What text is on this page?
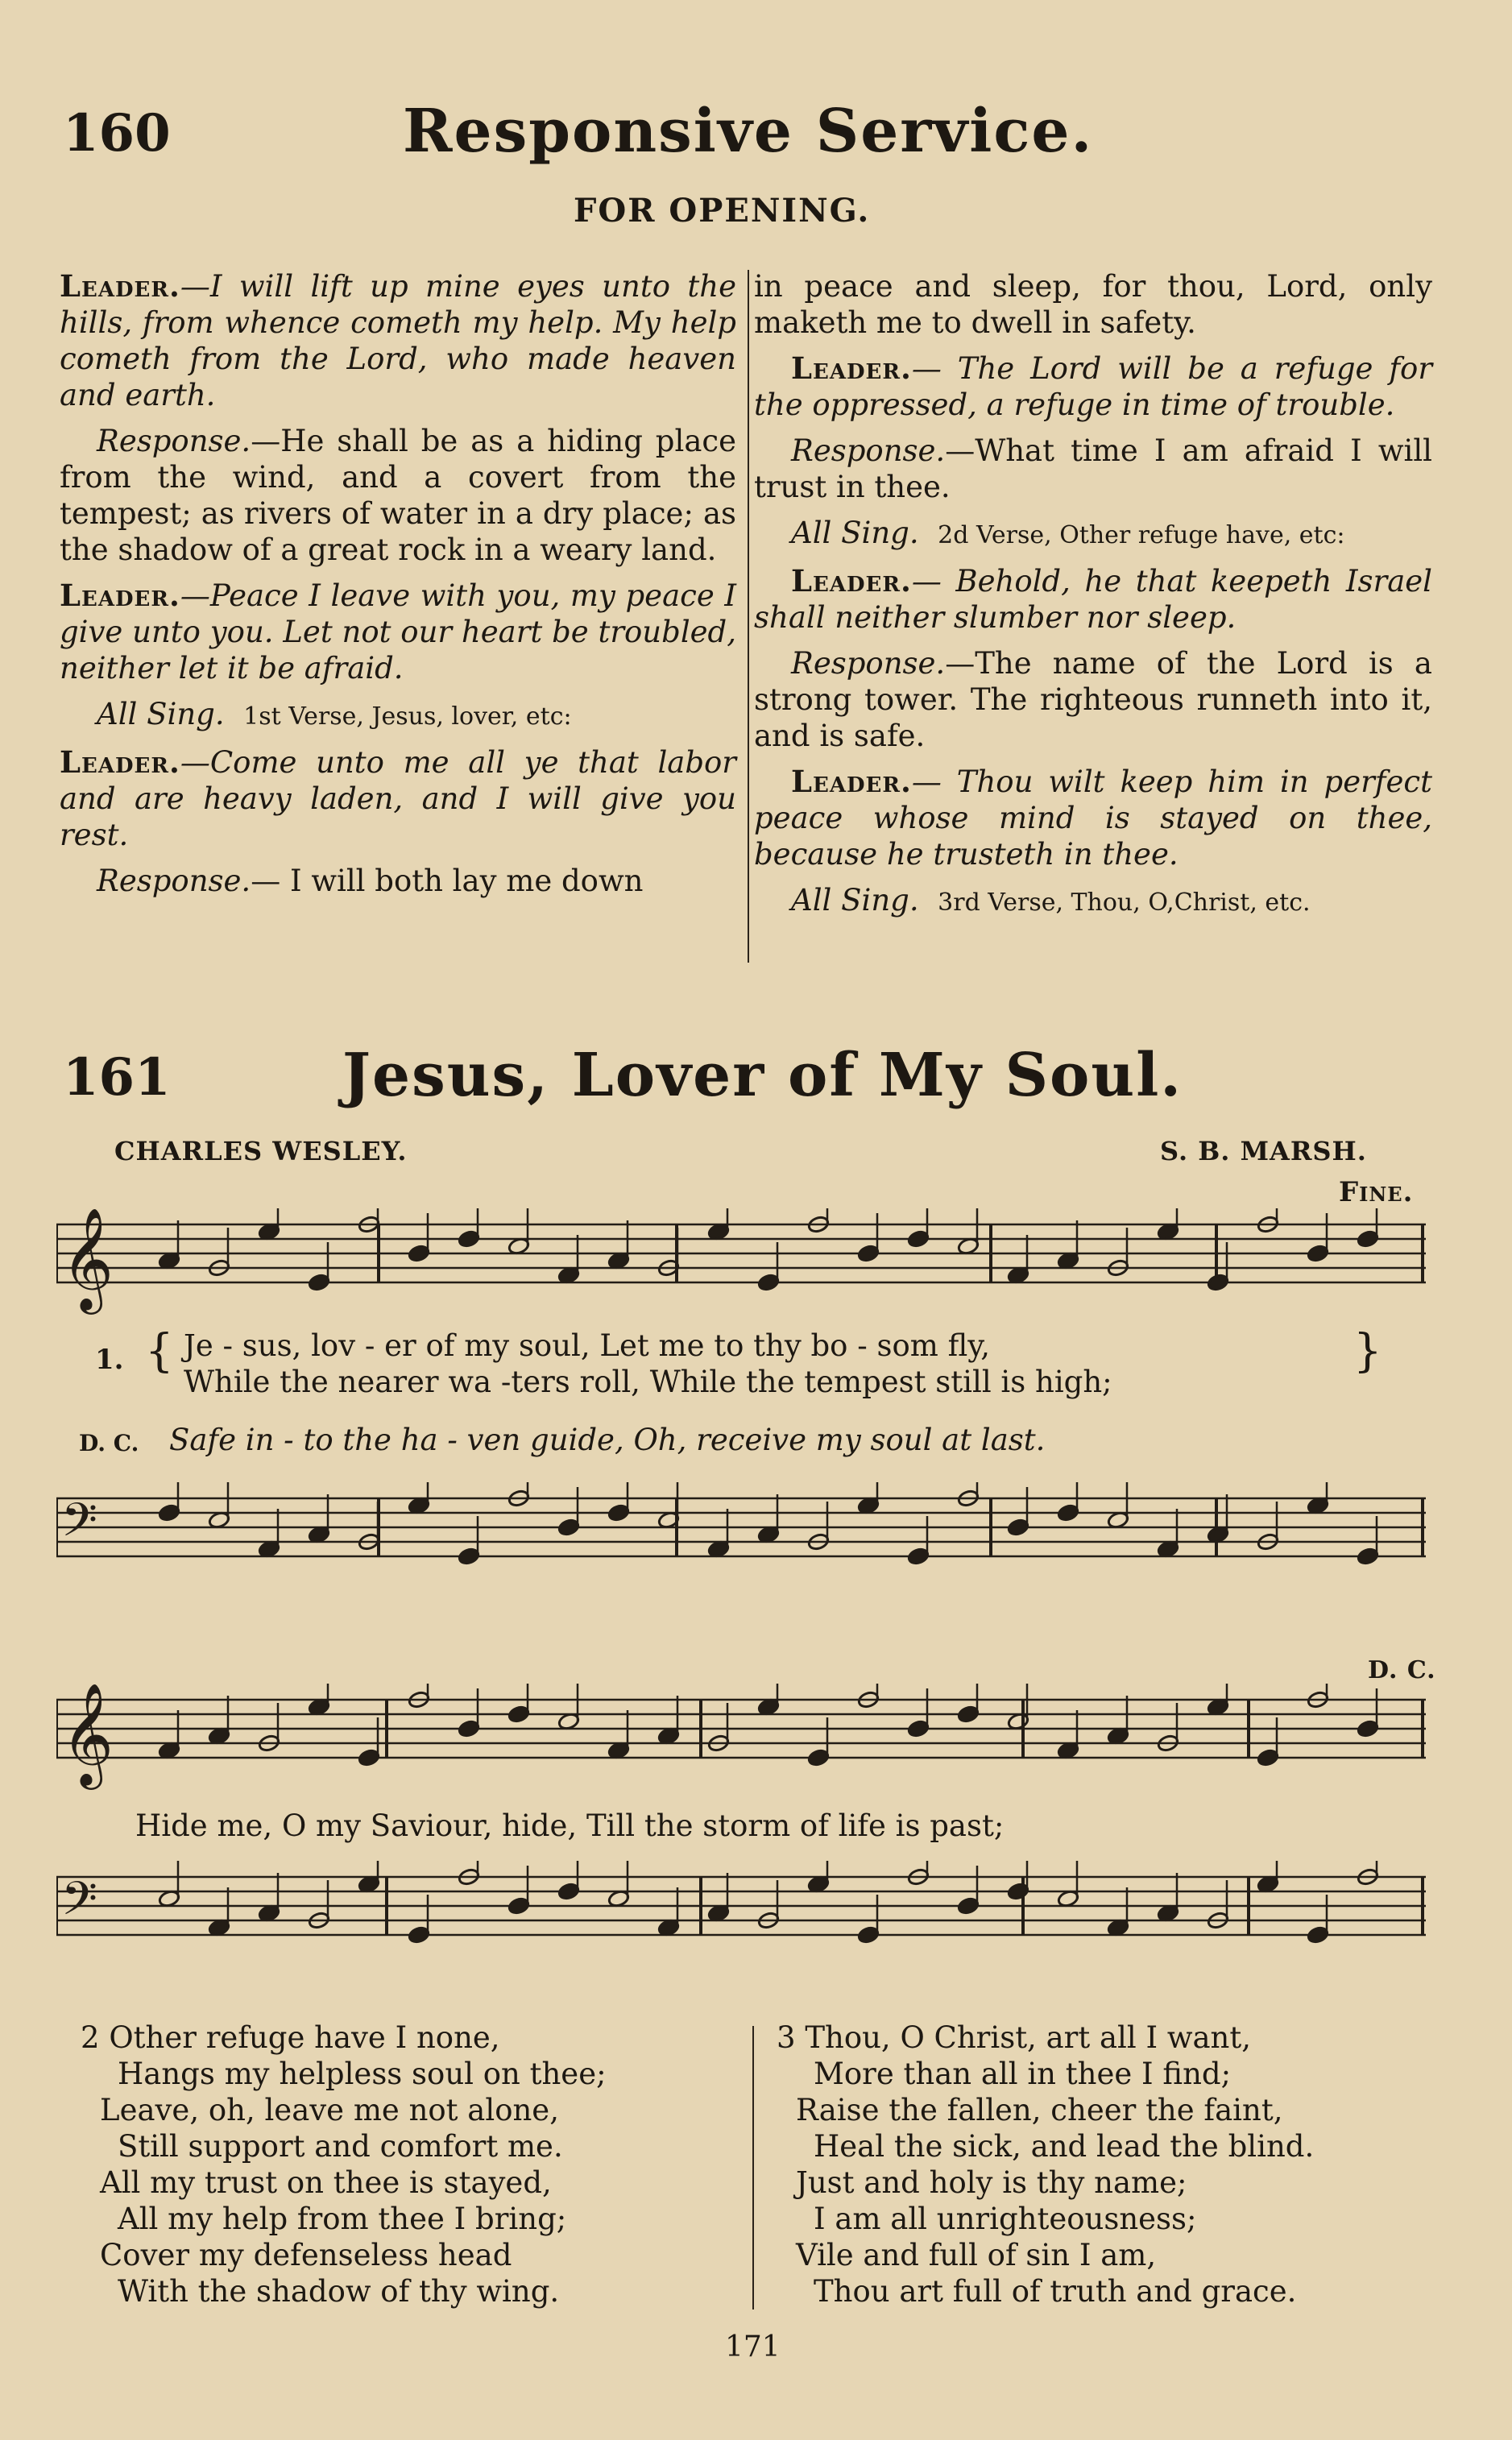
160	Responsive Service.
FOR OPENING.

Leader.—I will lift up mine eyes unto the hills, from whence cometh my help. My help cometh from the Lord, who made heaven and earth.

Response.—He shall be as a hiding place from the wind, and a covert from the tempest; as rivers of water in a dry place; as the shadow of a great rock in a weary land.

Leader.—Peace I leave with you, my peace I give unto you. Let not our heart be troubled, neither let it be afraid.

All Sing. 1st Verse, Jesus, lover, etc:

Leader.—Come unto me all ye that labor and are heavy laden, and I will give you rest.

Response.— I will both lay me down

in peace and sleep, for thou, Lord, only maketh me to dwell in safety.

Leader.— The Lord will be a refuge for the oppressed, a refuge in time of trouble.

Response.—What time I am afraid I will trust in thee.

All Sing. 2d Verse, Other refuge have, etc:

Leader.— Behold, he that keepeth Israel shall neither slumber nor sleep.

Response.—The name of the Lord is a strong tower. The righteous runneth into it, and is safe.

Leader.— Thou wilt keep him in perfect peace whose mind is stayed on thee, because he trusteth in thee.

All Sing. 3rd Verse, Thou, O,Christ, etc.

161	Jesus, Lover of My Soul.
CHARLES WESLEY.	S. B. MARSH.
Fine.
𝄞
1. { Je - sus, lov - er of my soul, Let me to thy bo - som fly,
While the nearer wa -ters roll, While the tempest still is high;
}
D. C. Safe in - to the ha - ven guide, Oh, receive my soul at last.
𝄢
D. C.
𝄞
Hide me, O my Saviour, hide, Till the storm of life is past;
𝄢
2 Other refuge have I none,
Hangs my helpless soul on thee;
Leave, oh, leave me not alone,
Still support and comfort me.
All my trust on thee is stayed,
All my help from thee I bring;
Cover my defenseless head
With the shadow of thy wing.
3 Thou, O Christ, art all I want,
More than all in thee I find;
Raise the fallen, cheer the faint,
Heal the sick, and lead the blind.
Just and holy is thy name;
I am all unrighteousness;
Vile and full of sin I am,
Thou art full of truth and grace.
171
